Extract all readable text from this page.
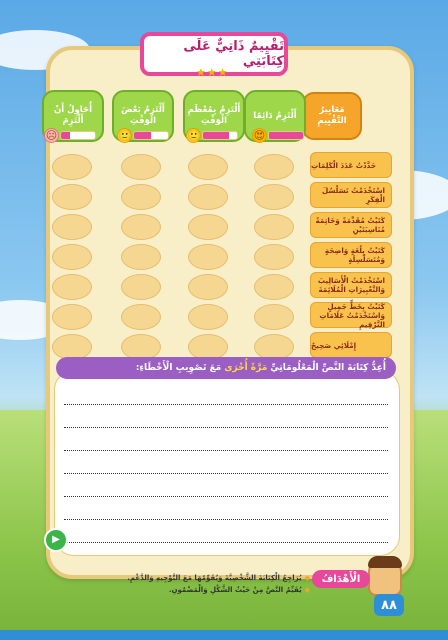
تَقْيِيمٌ ذَاتِيٌّ عَلَى كِتَابَتِي
★★★
مَعَايِيرُ التَّقْيِيمِ
أَلْتَزِمُ دَائِمًا
أَلْتَزِمُ بِمُعْظَمِ الْوَقْتِ
أَلْتَزِمُ بَعْضَ الْوَقْتِ
أُحَاوِلُ أَنْ أَلْتَزِمَ
😍
🙂
🙂
☹
حَدَّدْتُ عَدَدَ الْكَلِمَاتِ
اسْتَخْدَمْتُ تَسَلْسُلَ الْفِكَرِ
كَتَبْتُ مُقَدِّمَةً وَخَاتِمَةً مُنَاسِبَتَيْنِ
كَتَبْتُ بِلُغَةٍ وَاضِحَةٍ وَمُتَسَلْسِلَةٍ
اسْتَخْدَمْتُ الْأَسَالِيبَ وَالتَّعْبِيرَاتِ الْمُلَائِمَةَ
كَتَبْتُ بِخَطٍّ جَمِيلٍ وَاسْتَخْدَمْتُ عَلَامَاتِ التَّرْقِيمِ
إِمْلَائِي صَحِيحٌ
أُعِدُّ كِتَابَةَ النَّصِّ الْمَعْلُومَاتِيِّ
مَرَّةً أُخْرَى
مَعَ تَصْوِيبِ الْأَخْطَاءِ:
▶
الْأَهْدَافُ
◆يُرَاجِعُ الْكِتَابَةَ الشَّخْصِيَّةَ وَيُقَوِّمُهَا مَعَ التَّوْجِيهِ وَالدَّعْمِ.
◆يُقَيِّمُ النَّصَّ مِنْ حَيْثُ الشَّكْلِ وَالْمَضْمُونِ.
٨٨
